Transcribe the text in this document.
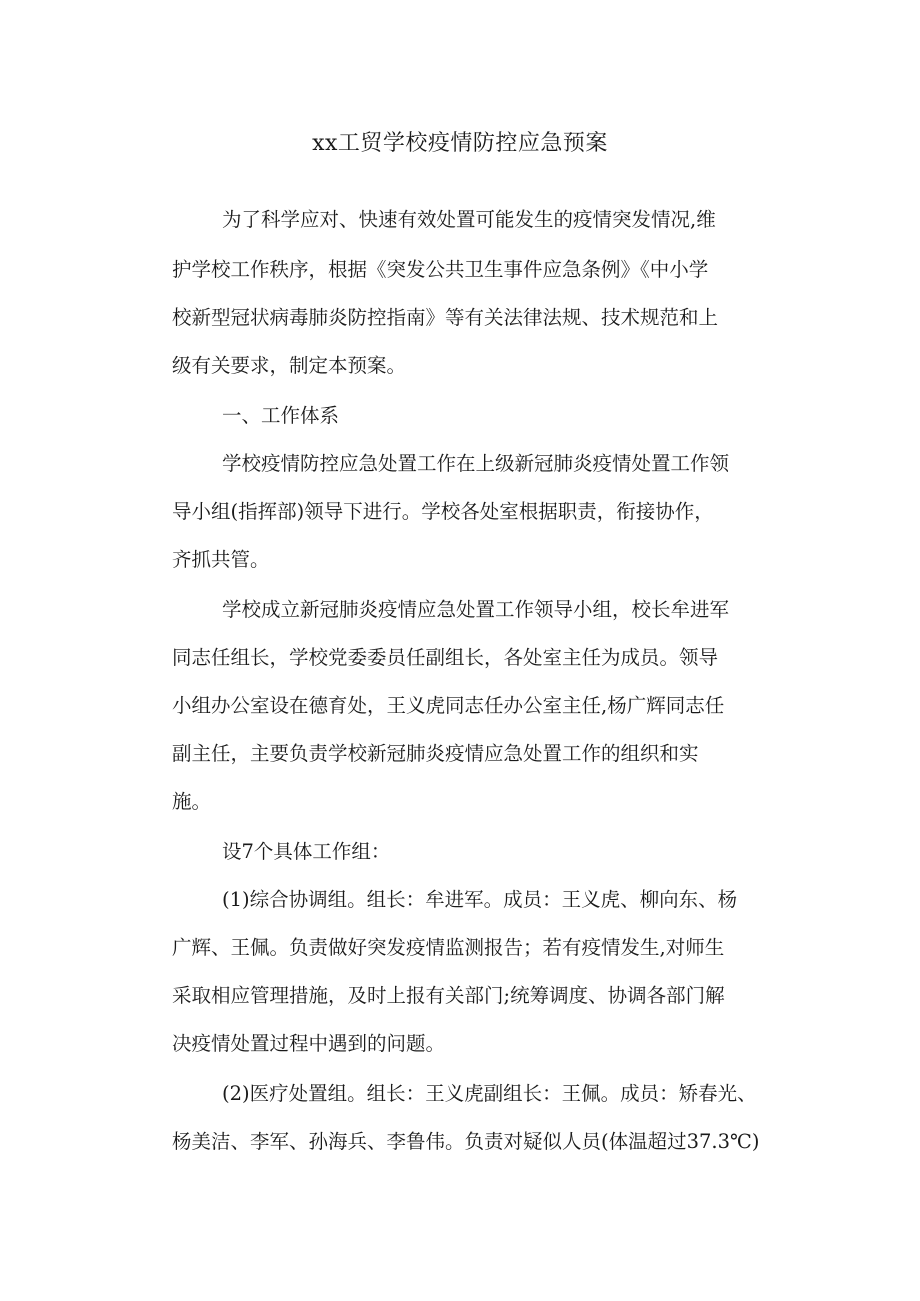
xx工贸学校疫情防控应急预案
为了科学应对、快速有效处置可能发生的疫情突发情况,维
护学校工作秩序，根据《突发公共卫生事件应急条例》《中小学
校新型冠状病毒肺炎防控指南》等有关法律法规、技术规范和上
级有关要求，制定本预案。
一、工作体系
学校疫情防控应急处置工作在上级新冠肺炎疫情处置工作领
导小组(指挥部)领导下进行。学校各处室根据职责，衔接协作，
齐抓共管。
学校成立新冠肺炎疫情应急处置工作领导小组，校长牟进军
同志任组长，学校党委委员任副组长，各处室主任为成员。领导
小组办公室设在德育处，王义虎同志任办公室主任,杨广辉同志任
副主任，主要负责学校新冠肺炎疫情应急处置工作的组织和实
施。
设7个具体工作组：
(1)综合协调组。组长：牟进军。成员：王义虎、柳向东、杨
广辉、王佩。负责做好突发疫情监测报告；若有疫情发生,对师生
采取相应管理措施，及时上报有关部门;统筹调度、协调各部门解
决疫情处置过程中遇到的问题。
(2)医疗处置组。组长：王义虎副组长：王佩。成员：矫春光、
杨美洁、李军、孙海兵、李鲁伟。负责对疑似人员(体温超过37.3℃)
